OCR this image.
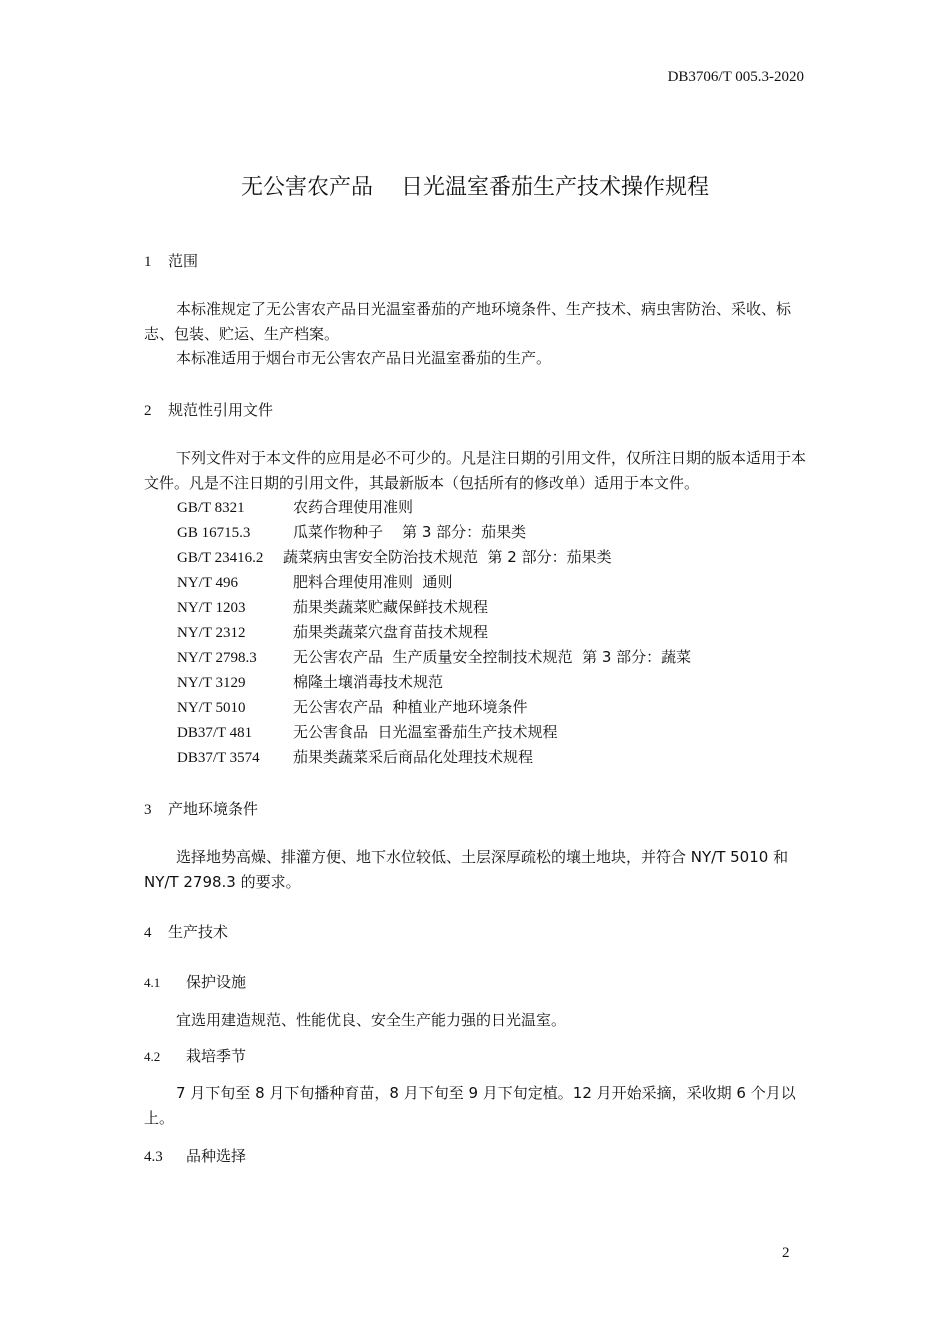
DB3706/T 005.3-2020
无公害农产品    日光温室番茄生产技术操作规程
1 范围
本标准规定了无公害农产品日光温室番茄的产地环境条件、生产技术、病虫害防治、采收、标志、包装、贮运、生产档案。
本标准适用于烟台市无公害农产品日光温室番茄的生产。
2 规范性引用文件
下列文件对于本文件的应用是必不可少的。凡是注日期的引用文件，仅所注日期的版本适用于本文件。凡是不注日期的引用文件，其最新版本（包括所有的修改单）适用于本文件。
GB/T 8321	农药合理使用准则
GB 16715.3	瓜菜作物种子    第 3 部分：茄果类
GB/T 23416.2 蔬菜病虫害安全防治技术规范  第 2 部分：茄果类
NY/T 496	肥料合理使用准则  通则
NY/T 1203	茄果类蔬菜贮藏保鲜技术规程
NY/T 2312	茄果类蔬菜穴盘育苗技术规程
NY/T 2798.3 无公害农产品  生产质量安全控制技术规范  第 3 部分：蔬菜
NY/T 3129	棉隆土壤消毒技术规范
NY/T 5010	无公害农产品  种植业产地环境条件
DB37/T 481	无公害食品  日光温室番茄生产技术规程
DB37/T 3574 茄果类蔬菜采后商品化处理技术规程
3 产地环境条件
选择地势高燥、排灌方便、地下水位较低、土层深厚疏松的壤土地块，并符合 NY/T 5010 和 NY/T 2798.3 的要求。
4 生产技术
4.1 保护设施
宜选用建造规范、性能优良、安全生产能力强的日光温室。
4.2 栽培季节
7 月下旬至 8 月下旬播种育苗，8 月下旬至 9 月下旬定植。12 月开始采摘，采收期 6 个月以上。
4.3 品种选择
2
